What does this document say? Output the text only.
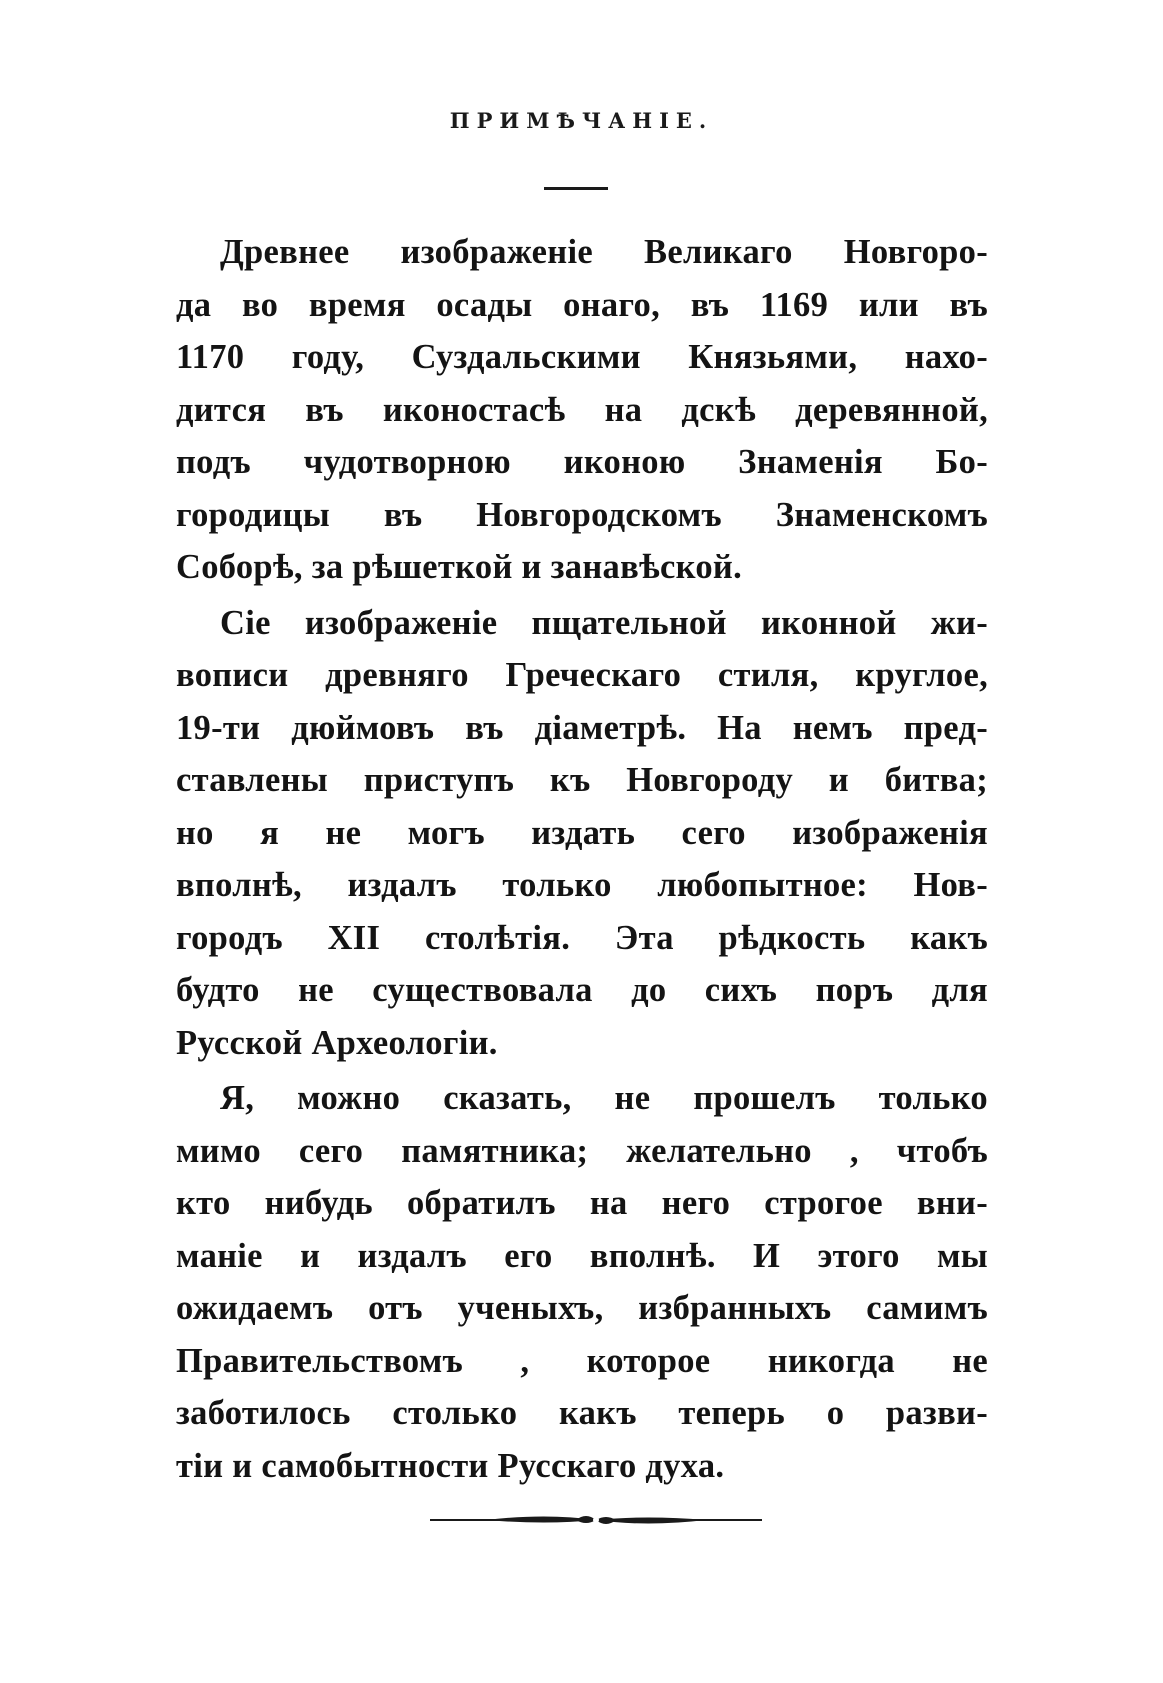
ПРИМѢЧАНІЕ.

Древнее изображеніе Великаго Новгоро-
да во время осады онаго, въ 1169 или въ
1170 году, Суздальскими Князьями, нахо-
дится въ иконостасѣ на дскѣ деревянной,
подъ чудотворною иконою Знаменія Бо-
городицы въ Новгородскомъ Знаменскомъ
Соборѣ, за рѣшеткой и занавѣской.

Сіе изображеніе пщательной иконной жи-
вописи древняго Греческаго стиля, круглое,
19-ти дюймовъ въ діаметрѣ. На немъ пред-
ставлены приступъ къ Новгороду и битва;
но я не могъ издать сего изображенія
вполнѣ, издалъ только любопытное: Нов-
городъ XII столѣтія. Эта рѣдкость какъ
будто не существовала до сихъ поръ для
Русской Археологіи.

Я, можно сказать, не прошелъ только
мимо сего памятника; желательно , чтобъ
кто нибудь обратилъ на него строгое вни-
маніе и издалъ его вполнѣ. И этого мы
ожидаемъ отъ ученыхъ, избранныхъ самимъ
Правительствомъ , которое никогда не
заботилось столько какъ теперь о разви-
тіи и самобытности Русскаго духа.
